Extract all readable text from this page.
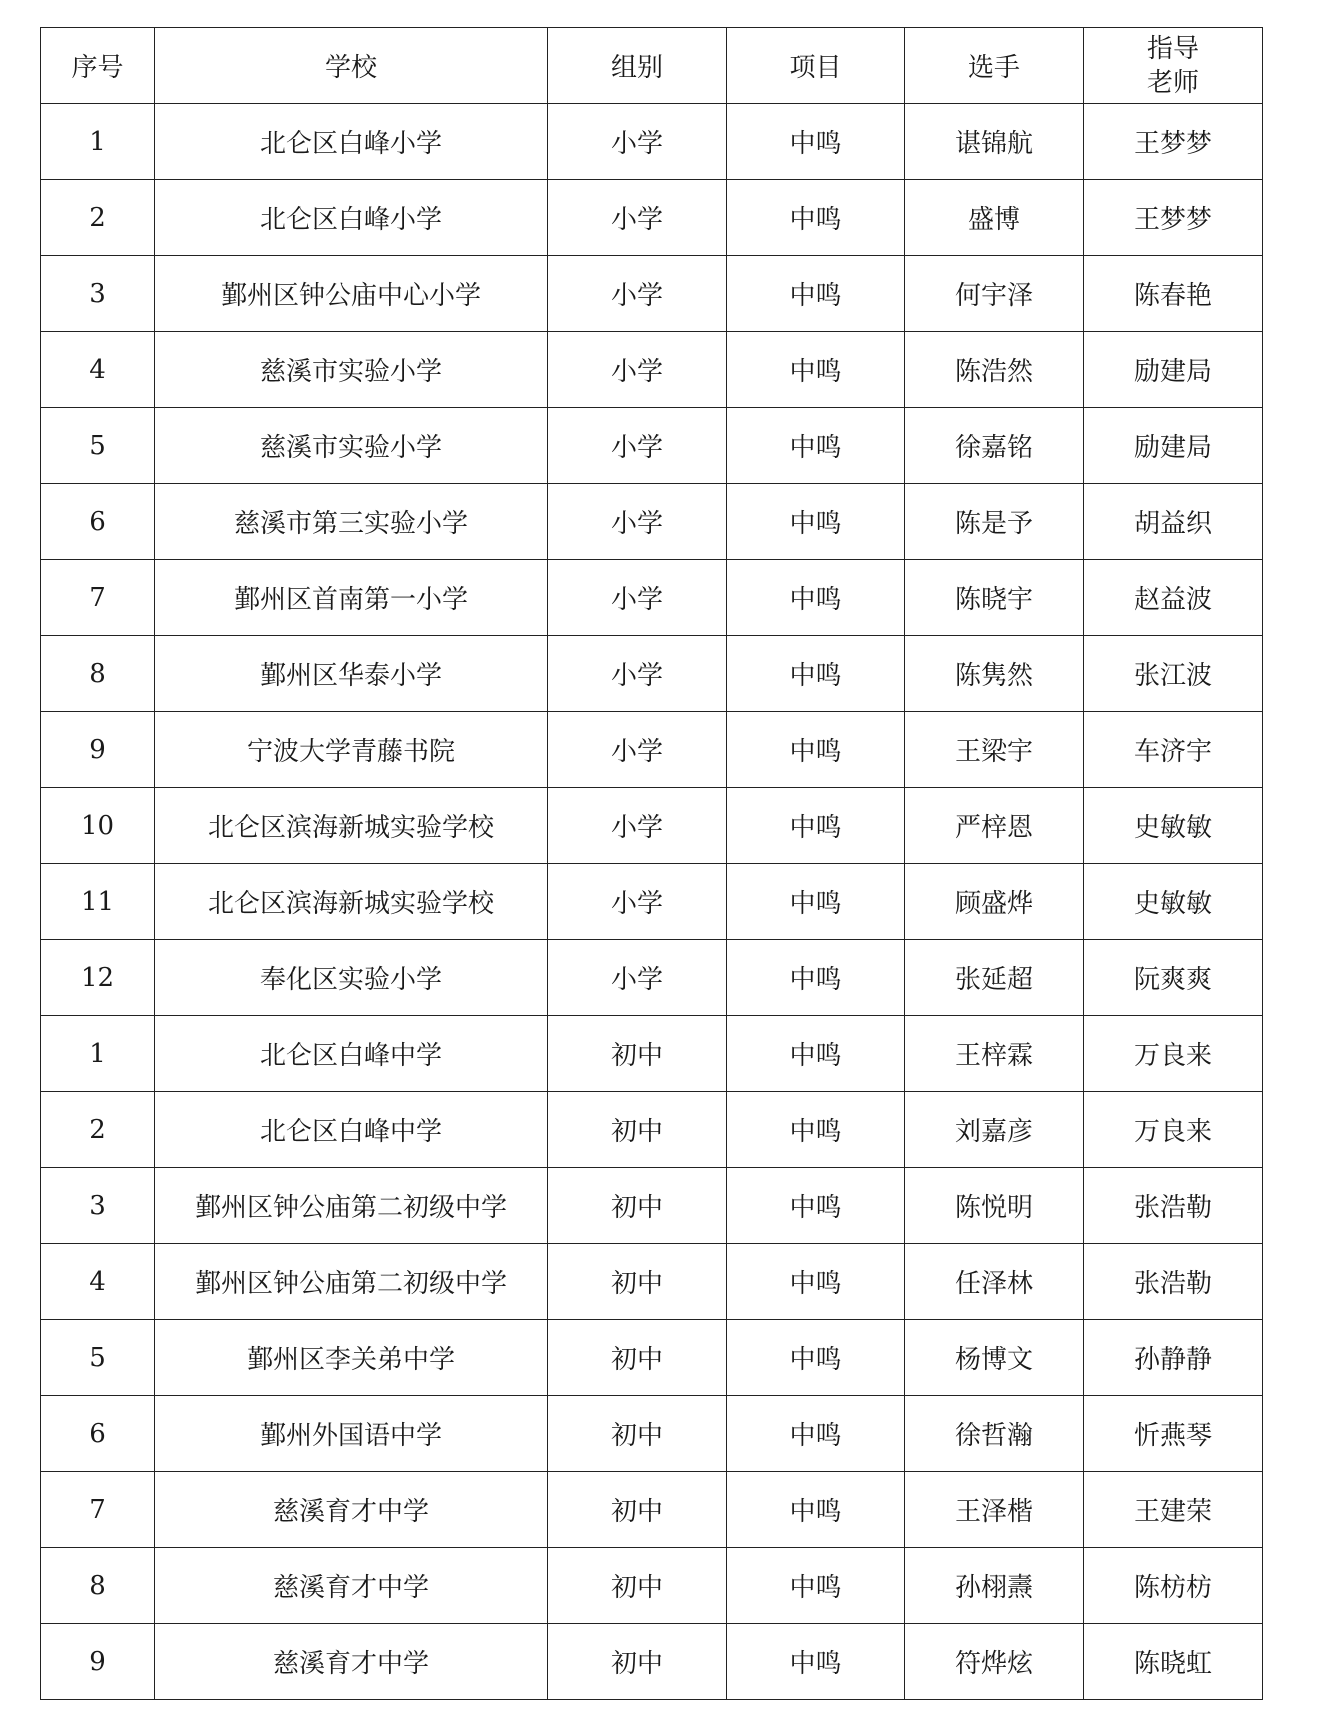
序号	学校	组别	项目	选手	指导
老师

1	北仑区白峰小学	小学	中鸣	谌锦航	王梦梦
2	北仑区白峰小学	小学	中鸣	盛博	王梦梦
3	鄞州区钟公庙中心小学	小学	中鸣	何宇泽	陈春艳
4	慈溪市实验小学	小学	中鸣	陈浩然	励建局
5	慈溪市实验小学	小学	中鸣	徐嘉铭	励建局
6	慈溪市第三实验小学	小学	中鸣	陈是予	胡益织
7	鄞州区首南第一小学	小学	中鸣	陈晓宇	赵益波
8	鄞州区华泰小学	小学	中鸣	陈隽然	张江波
9	宁波大学青藤书院	小学	中鸣	王梁宇	车济宇
10	北仑区滨海新城实验学校	小学	中鸣	严梓恩	史敏敏
11	北仑区滨海新城实验学校	小学	中鸣	顾盛烨	史敏敏
12	奉化区实验小学	小学	中鸣	张延超	阮爽爽
1	北仑区白峰中学	初中	中鸣	王梓霖	万良来
2	北仑区白峰中学	初中	中鸣	刘嘉彦	万良来
3	鄞州区钟公庙第二初级中学	初中	中鸣	陈悦明	张浩勒
4	鄞州区钟公庙第二初级中学	初中	中鸣	任泽林	张浩勒
5	鄞州区李关弟中学	初中	中鸣	杨博文	孙静静
6	鄞州外国语中学	初中	中鸣	徐哲瀚	忻燕琴
7	慈溪育才中学	初中	中鸣	王泽楷	王建荣
8	慈溪育才中学	初中	中鸣	孙栩燾	陈枋枋
9	慈溪育才中学	初中	中鸣	符烨炫	陈晓虹
